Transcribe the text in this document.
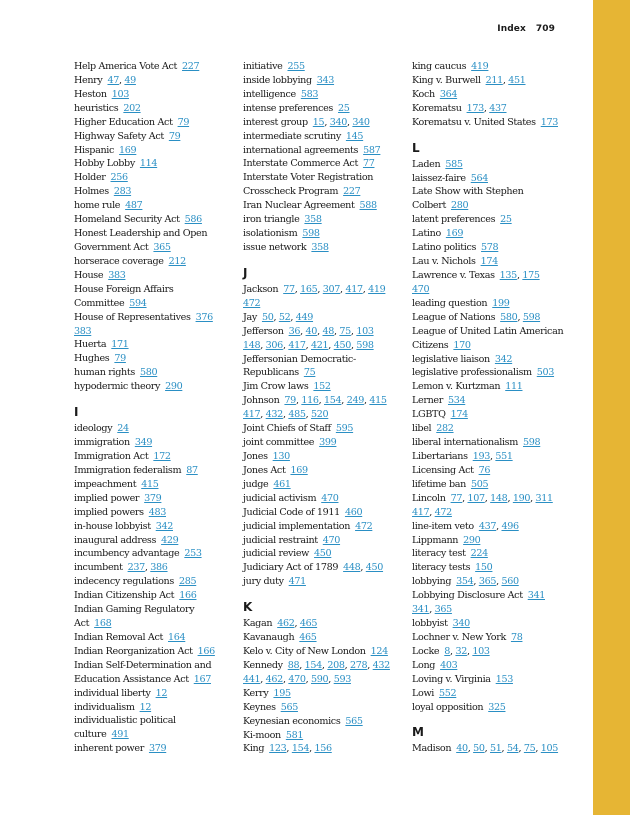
Index 709
Help America Vote Act 227
Henry 47, 49
Heston 103
heuristics 202
Higher Education Act 79
Highway Safety Act 79
Hispanic 169
Hobby Lobby 114
Holder 256
Holmes 283
home rule 487
Homeland Security Act 586
Honest Leadership and Open
Government Act 365
horserace coverage 212
House 383
House Foreign Affairs
Committee 594
House of Representatives 376
383
Huerta 171
Hughes 79
human rights 580
hypodermic theory 290
I
ideology 24
immigration 349
Immigration Act 172
Immigration federalism 87
impeachment 415
implied power 379
implied powers 483
in-house lobbyist 342
inaugural address 429
incumbency advantage 253
incumbent 237, 386
indecency regulations 285
Indian Citizenship Act 166
Indian Gaming Regulatory
Act 168
Indian Removal Act 164
Indian Reorganization Act 166
Indian Self-Determination and
Education Assistance Act 167
individual liberty 12
individualism 12
individualistic political
culture 491
inherent power 379
initiative 255
inside lobbying 343
intelligence 583
intense preferences 25
interest group 15, 340, 340
intermediate scrutiny 145
international agreements 587
Interstate Commerce Act 77
Interstate Voter Registration
Crosscheck Program 227
Iran Nuclear Agreement 588
iron triangle 358
isolationism 598
issue network 358
J
Jackson 77, 165, 307, 417, 419
472
Jay 50, 52, 449
Jefferson 36, 40, 48, 75, 103
148, 306, 417, 421, 450, 598
Jeffersonian Democratic-
Republicans 75
Jim Crow laws 152
Johnson 79, 116, 154, 249, 415
417, 432, 485, 520
Joint Chiefs of Staff 595
joint committee 399
Jones 130
Jones Act 169
judge 461
judicial activism 470
Judicial Code of 1911 460
judicial implementation 472
judicial restraint 470
judicial review 450
Judiciary Act of 1789 448, 450
jury duty 471
K
Kagan 462, 465
Kavanaugh 465
Kelo v. City of New London 124
Kennedy 88, 154, 208, 278, 432
441, 462, 470, 590, 593
Kerry 195
Keynes 565
Keynesian economics 565
Ki-moon 581
King 123, 154, 156
king caucus 419
King v. Burwell 211, 451
Koch 364
Korematsu 173, 437
Korematsu v. United States 173
L
Laden 585
laissez-faire 564
Late Show with Stephen
Colbert 280
latent preferences 25
Latino 169
Latino politics 578
Lau v. Nichols 174
Lawrence v. Texas 135, 175
470
leading question 199
League of Nations 580, 598
League of United Latin American
Citizens 170
legislative liaison 342
legislative professionalism 503
Lemon v. Kurtzman 111
Lerner 534
LGBTQ 174
libel 282
liberal internationalism 598
Libertarians 193, 551
Licensing Act 76
lifetime ban 505
Lincoln 77, 107, 148, 190, 311
417, 472
line-item veto 437, 496
Lippmann 290
literacy test 224
literacy tests 150
lobbying 354, 365, 560
Lobbying Disclosure Act 341
341, 365
lobbyist 340
Lochner v. New York 78
Locke 8, 32, 103
Long 403
Loving v. Virginia 153
Lowi 552
loyal opposition 325
M
Madison 40, 50, 51, 54, 75, 105
